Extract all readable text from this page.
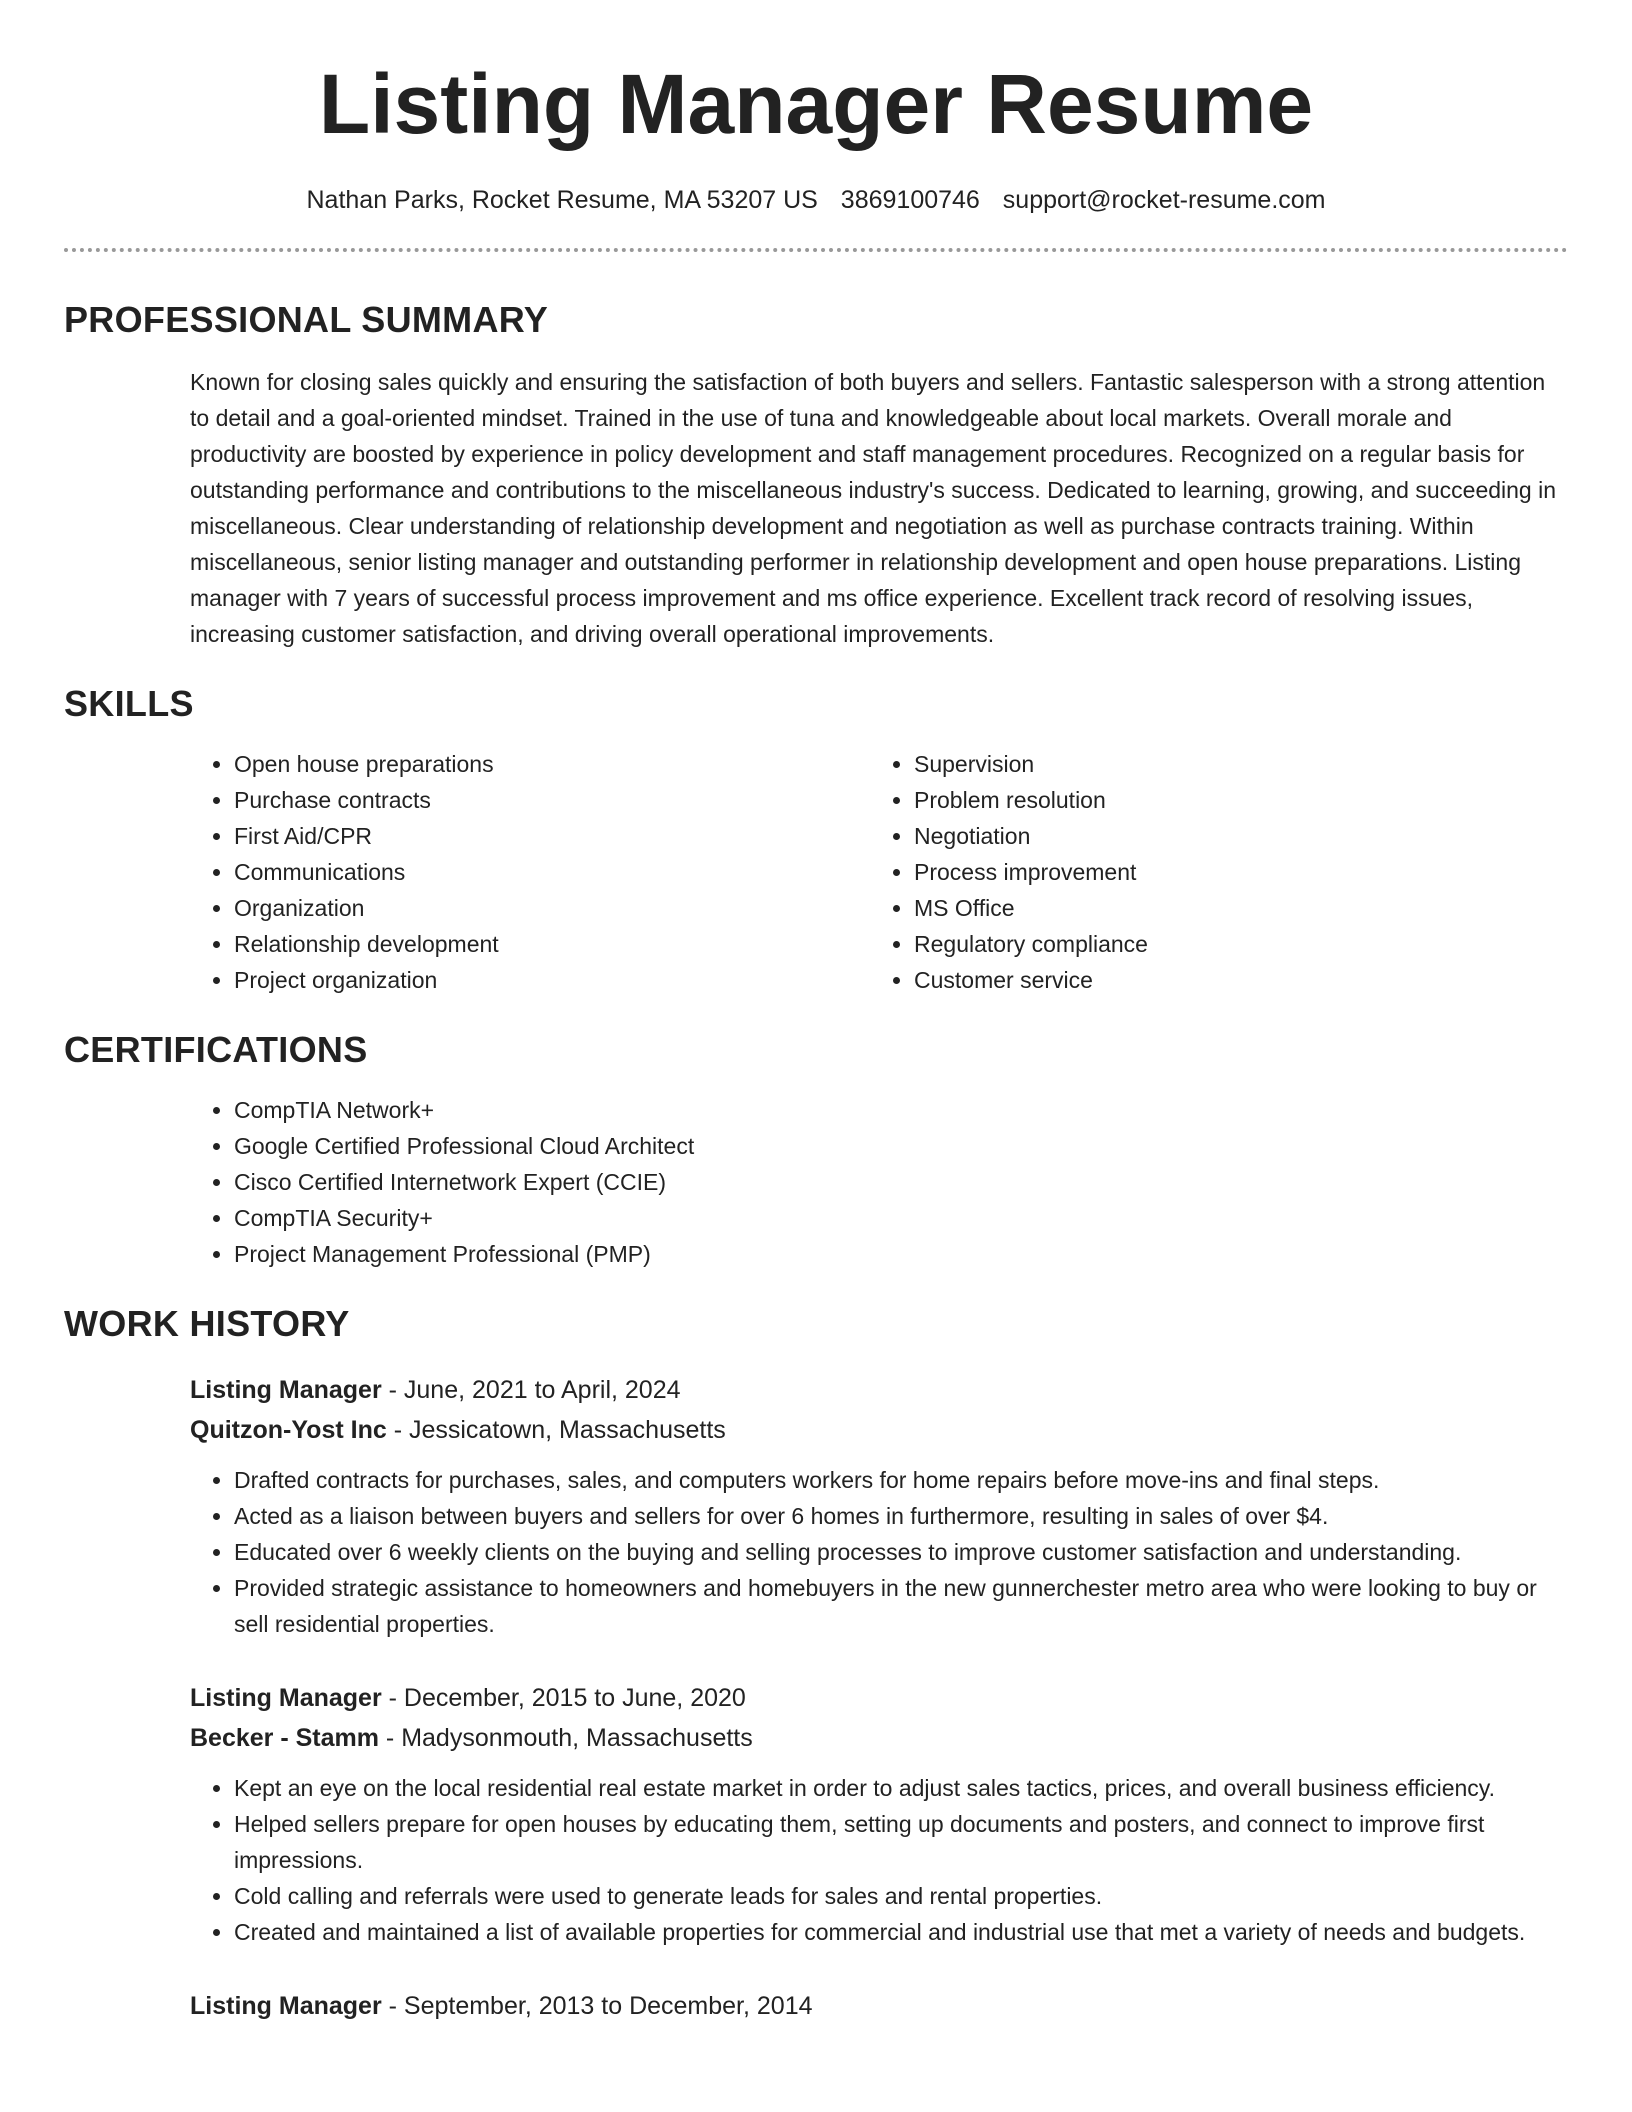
Listing Manager Resume
Nathan Parks, Rocket Resume, MA 53207 US 3869100746 support@rocket-resume.com
PROFESSIONAL SUMMARY

Known for closing sales quickly and ensuring the satisfaction of both buyers and sellers. Fantastic salesperson with a strong attention to detail and a goal-oriented mindset. Trained in the use of tuna and knowledgeable about local markets. Overall morale and productivity are boosted by experience in policy development and staff management procedures. Recognized on a regular basis for outstanding performance and contributions to the miscellaneous industry's success. Dedicated to learning, growing, and succeeding in miscellaneous. Clear understanding of relationship development and negotiation as well as purchase contracts training. Within miscellaneous, senior listing manager and outstanding performer in relationship development and open house preparations. Listing manager with 7 years of successful process improvement and ms office experience. Excellent track record of resolving issues, increasing customer satisfaction, and driving overall operational improvements.

SKILLS
• Open house preparations
• Purchase contracts
• First Aid/CPR
• Communications
• Organization
• Relationship development
• Project organization
• Supervision
• Problem resolution
• Negotiation
• Process improvement
• MS Office
• Regulatory compliance
• Customer service
CERTIFICATIONS
• CompTIA Network+
• Google Certified Professional Cloud Architect
• Cisco Certified Internetwork Expert (CCIE)
• CompTIA Security+
• Project Management Professional (PMP)
WORK HISTORY
Listing Manager - June, 2021 to April, 2024
Quitzon-Yost Inc - Jessicatown, Massachusetts
• Drafted contracts for purchases, sales, and computers workers for home repairs before move-ins and final steps.
• Acted as a liaison between buyers and sellers for over 6 homes in furthermore, resulting in sales of over $4.
• Educated over 6 weekly clients on the buying and selling processes to improve customer satisfaction and understanding.
• Provided strategic assistance to homeowners and homebuyers in the new gunnerchester metro area who were looking to buy or sell residential properties.
Listing Manager - December, 2015 to June, 2020
Becker - Stamm - Madysonmouth, Massachusetts
• Kept an eye on the local residential real estate market in order to adjust sales tactics, prices, and overall business efficiency.
• Helped sellers prepare for open houses by educating them, setting up documents and posters, and connect to improve first impressions.
• Cold calling and referrals were used to generate leads for sales and rental properties.
• Created and maintained a list of available properties for commercial and industrial use that met a variety of needs and budgets.
Listing Manager - September, 2013 to December, 2014
